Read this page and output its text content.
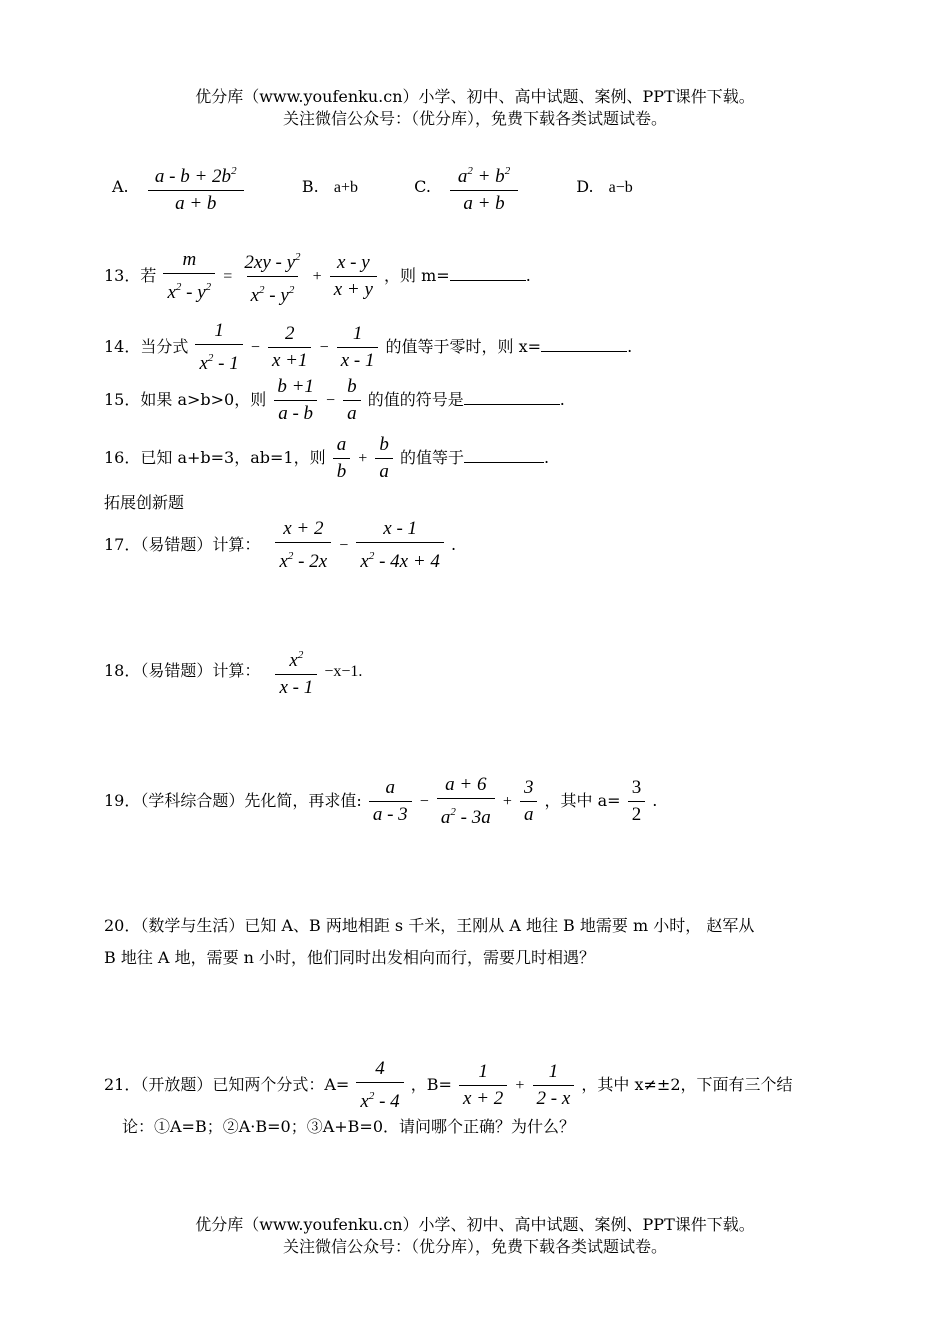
优分库（www.youfenku.cn）小学、初中、高中试题、案例、PPT课件下载。
关注微信公众号：（优分库），免费下载各类试题试卷。
A. $\frac{a - b + 2b^2}{a + b}$	B. a+b	C. $\frac{a^2 + b^2}{a + b}$	D. a−b
13．若 $\frac{m}{x^2 - y^2} = \frac{2xy - y^2}{x^2 - y^2} + \frac{x - y}{x + y}$ ，则 m=	.
14．当分式 $\frac{1}{x^2 - 1} - \frac{2}{x +1} - \frac{1}{x - 1}$ 的值等于零时，则 x=	.
15．如果 a>b>0，则 $\frac{b +1}{a - b} - \frac{b}{a}$ 的值的符号是	.
16．已知 a+b=3，ab=1，则 $\frac{a}{b} + \frac{b}{a}$ 的值等于	.
拓展创新题
17．（易错题）计算： $\frac{x + 2}{x^2 - 2x} - \frac{x - 1}{x^2 - 4x + 4}$ .
18．（易错题）计算： $\frac{x^2}{x - 1} -x-1$.
19．（学科综合题）先化简，再求值: $\frac{a}{a - 3} - \frac{a + 6}{a^2 - 3a} + \frac{3}{a}$ ，其中 $a= \frac{3}{2}$ .
20．（数学与生活）已知 A、B 两地相距 s 千米，王刚从 A 地往 B 地需要 m 小时， 赵军从
B 地往 A 地，需要 n 小时，他们同时出发相向而行，需要几时相遇？
21．（开放题）已知两个分式：$A= \frac{4}{x^2 - 4}$ ，$B= \frac{1}{x + 2} + \frac{1}{2 - x}$ ，其中 x≠±2，下面有三个结
论：①A=B；②A·B=0；③A+B=0．请问哪个正确？为什么？
优分库（www.youfenku.cn）小学、初中、高中试题、案例、PPT课件下载。
关注微信公众号：（优分库），免费下载各类试题试卷。
